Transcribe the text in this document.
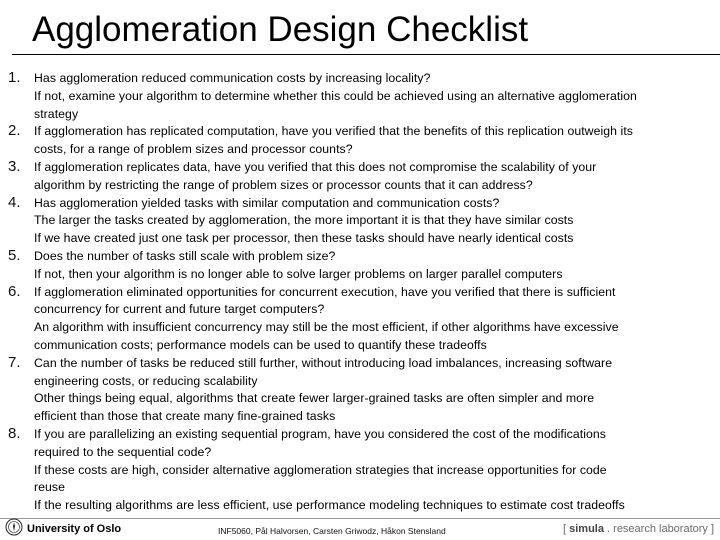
Agglomeration Design Checklist
1. Has agglomeration reduced communication costs by increasing locality?
If not, examine your algorithm to determine whether this could be achieved using an alternative agglomeration
strategy
2. If agglomeration has replicated computation, have you verified that the benefits of this replication outweigh its
costs, for a range of problem sizes and processor counts?
3. If agglomeration replicates data, have you verified that this does not compromise the scalability of your
algorithm by restricting the range of problem sizes or processor counts that it can address?
4. Has agglomeration yielded tasks with similar computation and communication costs?
The larger the tasks created by agglomeration, the more important it is that they have similar costs
If we have created just one task per processor, then these tasks should have nearly identical costs
5. Does the number of tasks still scale with problem size?
If not, then your algorithm is no longer able to solve larger problems on larger parallel computers
6. If agglomeration eliminated opportunities for concurrent execution, have you verified that there is sufficient
concurrency for current and future target computers?
An algorithm with insufficient concurrency may still be the most efficient, if other algorithms have excessive
communication costs; performance models can be used to quantify these tradeoffs
7. Can the number of tasks be reduced still further, without introducing load imbalances, increasing software
engineering costs, or reducing scalability
Other things being equal, algorithms that create fewer larger-grained tasks are often simpler and more
efficient than those that create many fine-grained tasks
8. If you are parallelizing an existing sequential program, have you considered the cost of the modifications
required to the sequential code?
If these costs are high, consider alternative agglomeration strategies that increase opportunities for code
reuse
If the resulting algorithms are less efficient, use performance modeling techniques to estimate cost tradeoffs
University of Oslo	INF5060, Pål Halvorsen, Carsten Griwodz, Håkon Stensland	[ simula . research laboratory ]
